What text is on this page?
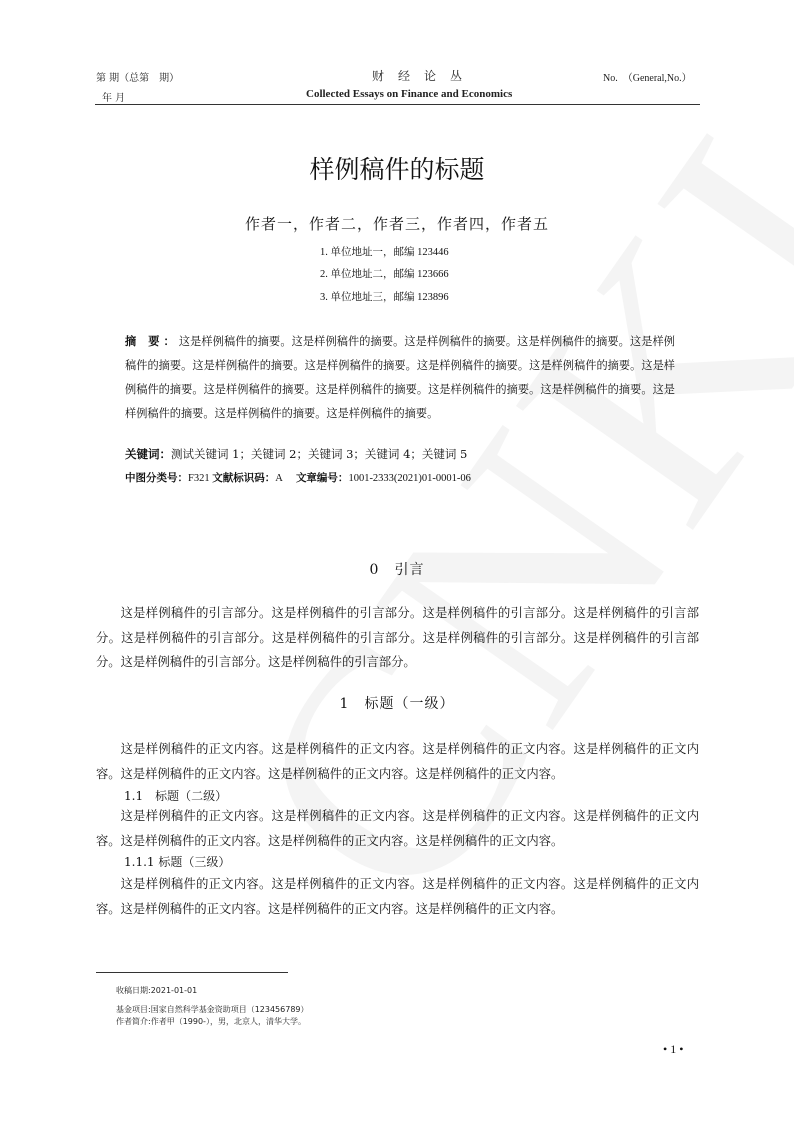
第 期（总第　期）
年 月
财经论丛
Collected Essays on Finance and Economics
No.　（General,No.）
样例稿件的标题
作者一，作者二，作者三，作者四，作者五
1. 单位地址一，邮编 123446
2. 单位地址二，邮编 123666
3. 单位地址三，邮编 123896
摘 要：这是样例稿件的摘要。这是样例稿件的摘要。这是样例稿件的摘要。这是样例稿件的摘要。这是样例稿件的摘要。这是样例稿件的摘要。这是样例稿件的摘要。这是样例稿件的摘要。这是样例稿件的摘要。这是样例稿件的摘要。这是样例稿件的摘要。这是样例稿件的摘要。这是样例稿件的摘要。这是样例稿件的摘要。这是样例稿件的摘要。这是样例稿件的摘要。这是样例稿件的摘要。
关键词：测试关键词 1；关键词 2；关键词 3；关键词 4；关键词 5
中图分类号：F321 文献标识码：A 文章编号：1001-2333(2021)01-0001-06
0　引言
这是样例稿件的引言部分。这是样例稿件的引言部分。这是样例稿件的引言部分。这是样例稿件的引言部分。这是样例稿件的引言部分。这是样例稿件的引言部分。这是样例稿件的引言部分。这是样例稿件的引言部分。这是样例稿件的引言部分。这是样例稿件的引言部分。
1　标题（一级）
这是样例稿件的正文内容。这是样例稿件的正文内容。这是样例稿件的正文内容。这是样例稿件的正文内容。这是样例稿件的正文内容。这是样例稿件的正文内容。这是样例稿件的正文内容。
1.1　标题（二级）
这是样例稿件的正文内容。这是样例稿件的正文内容。这是样例稿件的正文内容。这是样例稿件的正文内容。这是样例稿件的正文内容。这是样例稿件的正文内容。这是样例稿件的正文内容。
1.1.1 标题（三级）
这是样例稿件的正文内容。这是样例稿件的正文内容。这是样例稿件的正文内容。这是样例稿件的正文内容。这是样例稿件的正文内容。这是样例稿件的正文内容。这是样例稿件的正文内容。
收稿日期:2021-01-01
基金项目:国家自然科学基金资助项目（123456789）
作者简介:作者甲（1990-），男，北京人，清华大学。
• 1 •
